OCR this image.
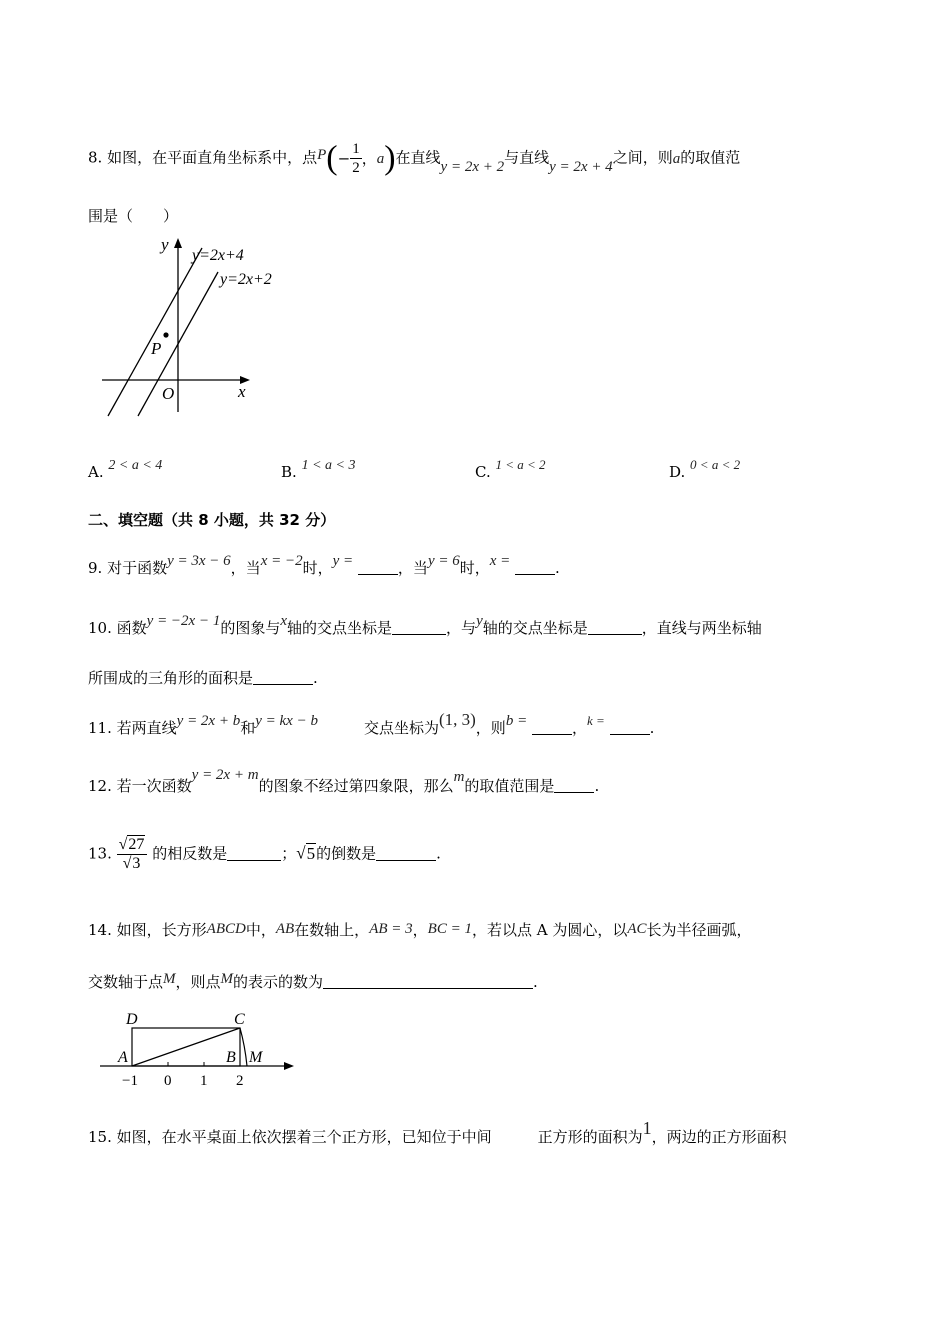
8. 如图，在平面直角坐标系中，点$P(- \frac{1}{2}$ ，a)在直线y = 2x + 2与直线y = 2x + 4之间，则a的取值范
围是（　　）
P
y
x
O
y=2x+4
y=2x+2
A. 2 < a < 4	B. 1 < a < 3	C. 1 < a < 2	D. 0 < a < 2
二、填空题（共 8 小题，共 32 分）
9. 对于函数y = 3x − 6，当x = −2时，y =	，当y = 6时，x =	.
10. 函数y = −2x − 1的图象与x轴的交点坐标是	，与y轴的交点坐标是	，直线与两坐标轴
所围成的三角形的面积是	.
11. 若两直线y = 2x + b和y = kx − b	交点坐标为(1, 3)，则b =	，k =	.
12. 若一次函数y = 2x + m的图象不经过第四象限，那么m的取值范围是	.
13. $\frac{√27}{√3}$ 的相反数是	；√5的倒数是	.
14. 如图，长方形ABCD中，AB在数轴上，AB = 3，BC = 1，若以点 A 为圆心，以AC长为半径画弧，
交数轴于点M，则点M的表示的数为	.
D	C
A	B M
−1 0 1 2
15. 如图，在水平桌面上依次摆着三个正方形，已知位于中间	正方形的面积为1，两边的正方形面积
